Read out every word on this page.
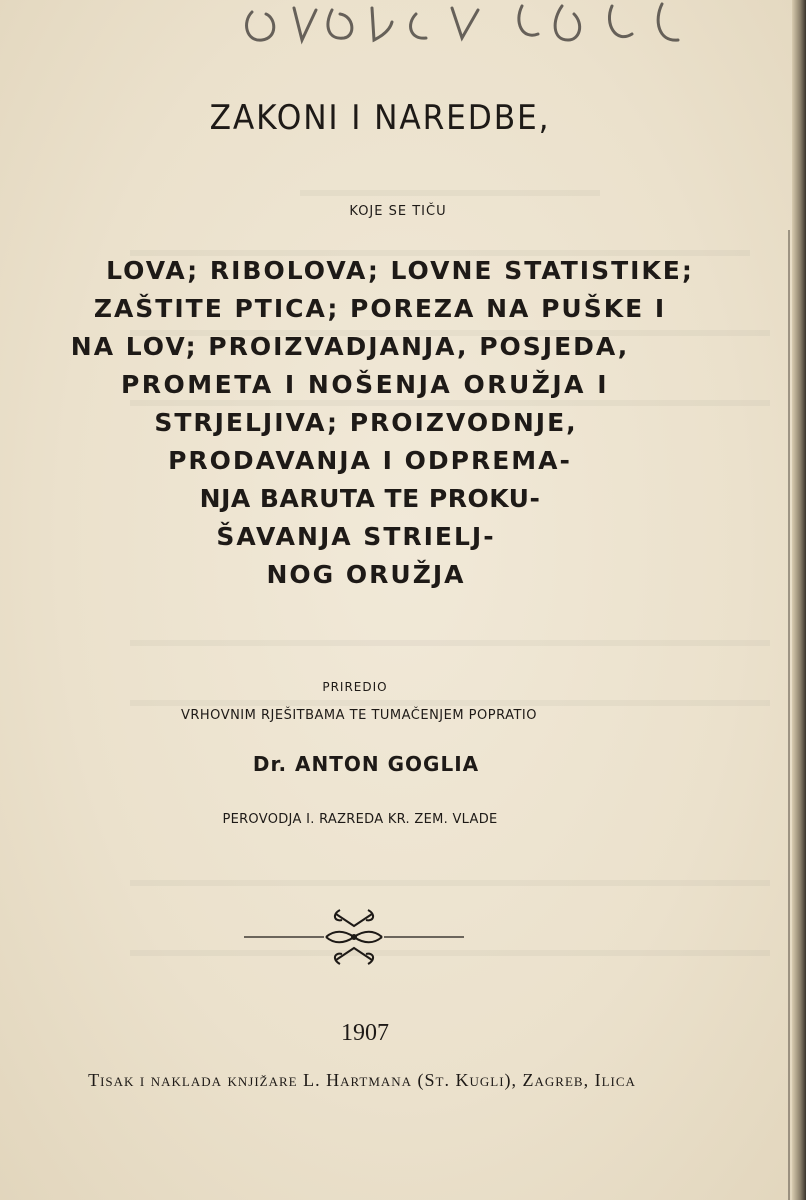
ZAKONI I NAREDBE,
KOJE SE TIČU
LOVA; RIBOLOVA; LOVNE STATISTIKE;
ZAŠTITE PTICA; POREZA NA PUŠKE I
NA LOV; PROIZVADJANJA, POSJEDA,
PROMETA I NOŠENJA ORUŽJA I
STRJELJIVA; PROIZVODNJE,
PRODAVANJA I ODPREMA-
NJA BARUTA TE PROKU-
ŠAVANJA STRIELJ-
NOG ORUŽJA
PRIREDIO
VRHOVNIM RJEŠITBAMA TE TUMAČENJEM POPRATIO
Dr. ANTON GOGLIA
PEROVODJA I. RAZREDA KR. ZEM. VLADE
1907
Tisak i naklada knjižare L. Hartmana (St. Kugli), Zagreb, Ilica
